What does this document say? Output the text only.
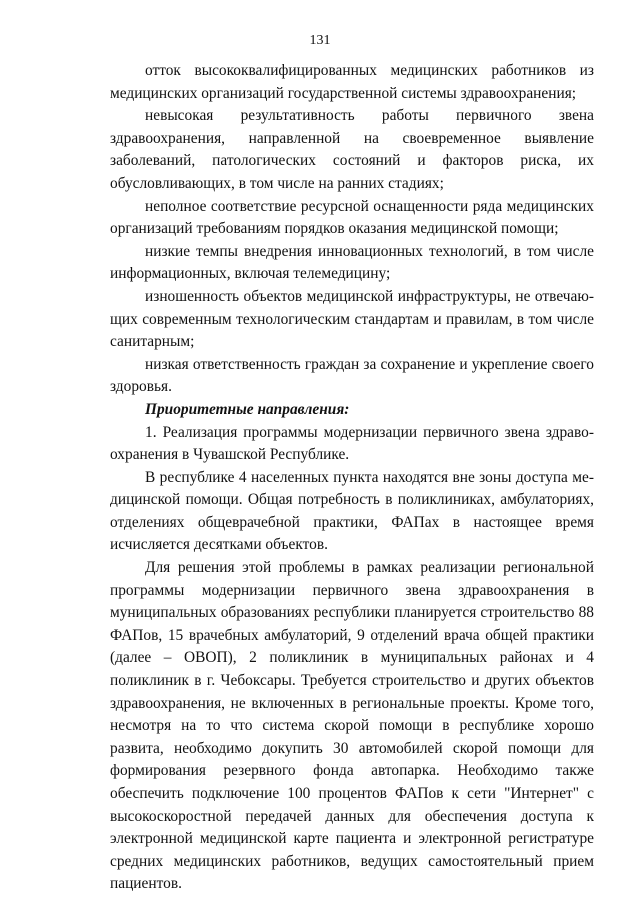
131

отток высококвалифицированных медицинских работников из медицинских организаций государственной системы здравоохранения;

невысокая результативность работы первичного звена здравоохранения, направленной на своевременное выявление заболеваний, патологических состояний и факторов риска, их обусловливающих, в том числе на ранних стадиях;

неполное соответствие ресурсной оснащенности ряда медицинских организаций требованиям порядков оказания медицинской помощи;

низкие темпы внедрения инновационных технологий, в том числе информационных, включая телемедицину;

изношенность объектов медицинской инфраструктуры, не отвечающих современным технологическим стандартам и правилам, в том числе санитарным;

низкая ответственность граждан за сохранение и укрепление своего здоровья.

Приоритетные направления:

1. Реализация программы модернизации первичного звена здравоохранения в Чувашской Республике.

В республике 4 населенных пункта находятся вне зоны доступа медицинской помощи. Общая потребность в поликлиниках, амбулаториях, отделениях общеврачебной практики, ФАПах в настоящее время исчисляется десятками объектов.

Для решения этой проблемы в рамках реализации региональной программы модернизации первичного звена здравоохранения в муниципальных образованиях республики планируется строительство 88 ФАПов, 15 врачебных амбулаторий, 9 отделений врача общей практики (далее – ОВОП), 2 поликлиник в муниципальных районах и 4 поликлиник в г. Чебоксары. Требуется строительство и других объектов здравоохранения, не включенных в региональные проекты. Кроме того, несмотря на то что система скорой помощи в республике хорошо развита, необходимо докупить 30 автомобилей скорой помощи для формирования резервного фонда автопарка. Необходимо также обеспечить подключение 100 процентов ФАПов к сети "Интернет" с высокоскоростной передачей данных для обеспечения доступа к электронной медицинской карте пациента и электронной регистратуре средних медицинских работников, ведущих самостоятельный прием пациентов.
